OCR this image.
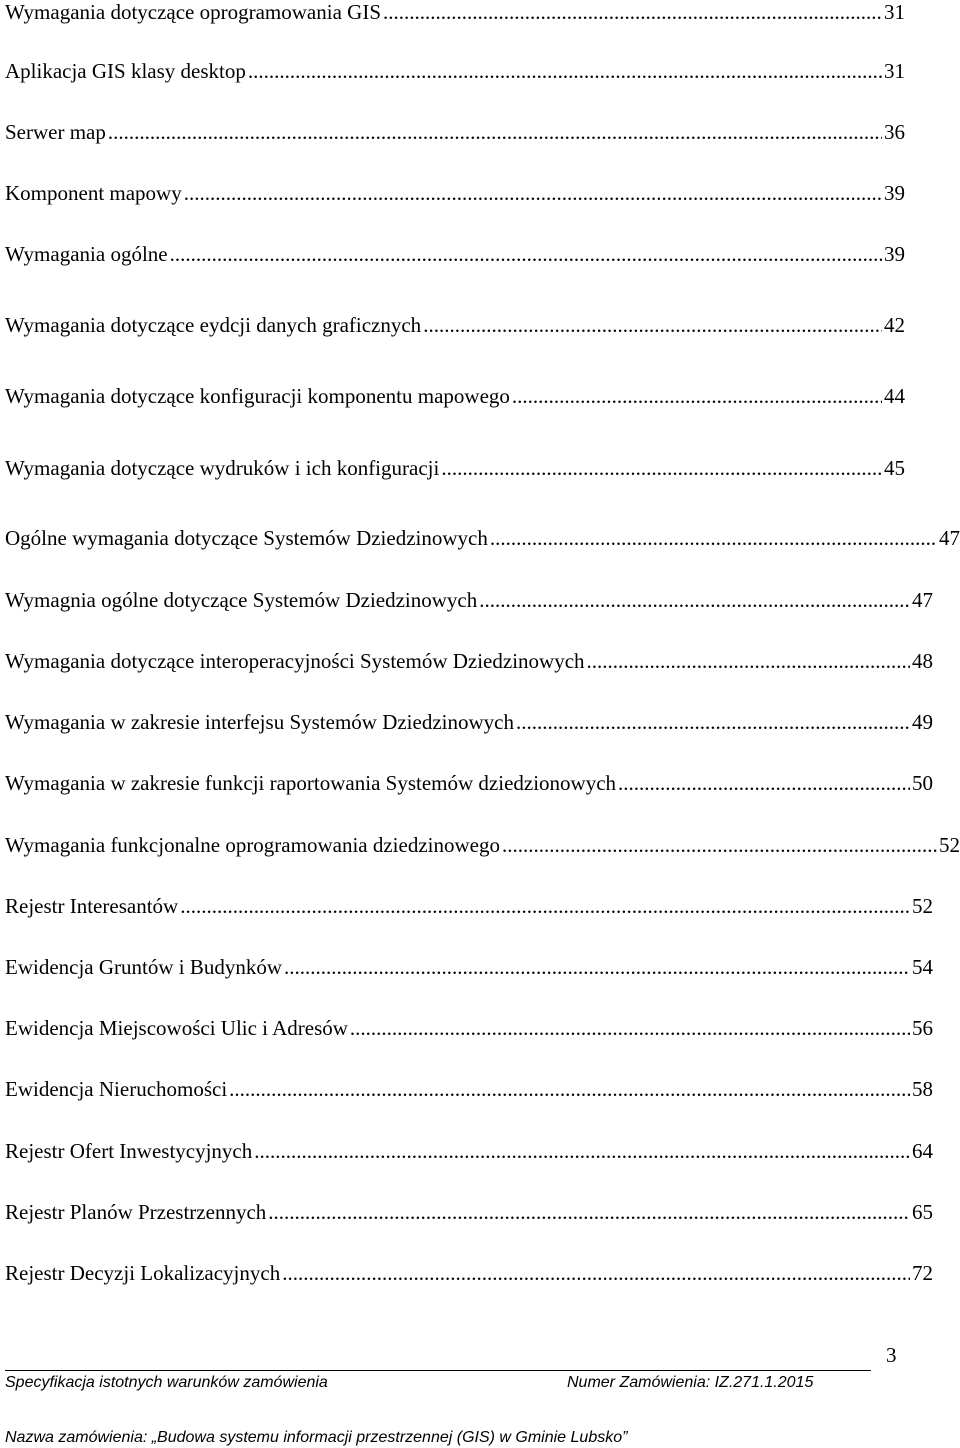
Wymagania dotyczące oprogramowania GIS .....	31
Aplikacja GIS klasy desktop .....	31
Serwer map .....	36
Komponent mapowy .....	39
Wymagania ogólne .....	39
Wymagania dotyczące eydcji danych graficznych .....	42
Wymagania dotyczące konfiguracji komponentu mapowego .....	44
Wymagania dotyczące wydruków i ich konfiguracji .....	45
Ogólne wymagania dotyczące Systemów Dziedzinowych .....	47
Wymagnia ogólne dotyczące Systemów Dziedzinowych .....	47
Wymagania dotyczące interoperacyjności Systemów Dziedzinowych .....	48
Wymagania w zakresie interfejsu Systemów Dziedzinowych .....	49
Wymagania w zakresie funkcji raportowania Systemów dziedzionowych .....	50
Wymagania funkcjonalne oprogramowania dziedzinowego .....	52
Rejestr Interesantów .....	52
Ewidencja Gruntów i Budynków .....	54
Ewidencja Miejscowości Ulic i Adresów .....	56
Ewidencja Nieruchomości .....	58
Rejestr Ofert Inwestycyjnych .....	64
Rejestr Planów Przestrzennych .....	65
Rejestr Decyzji Lokalizacyjnych .....	72
3
Specyfikacja istotnych warunków zamówienia	Numer Zamówienia: IZ.271.1.2015
Nazwa zamówienia: „Budowa systemu informacji przestrzennej (GIS) w Gminie Lubsko”
